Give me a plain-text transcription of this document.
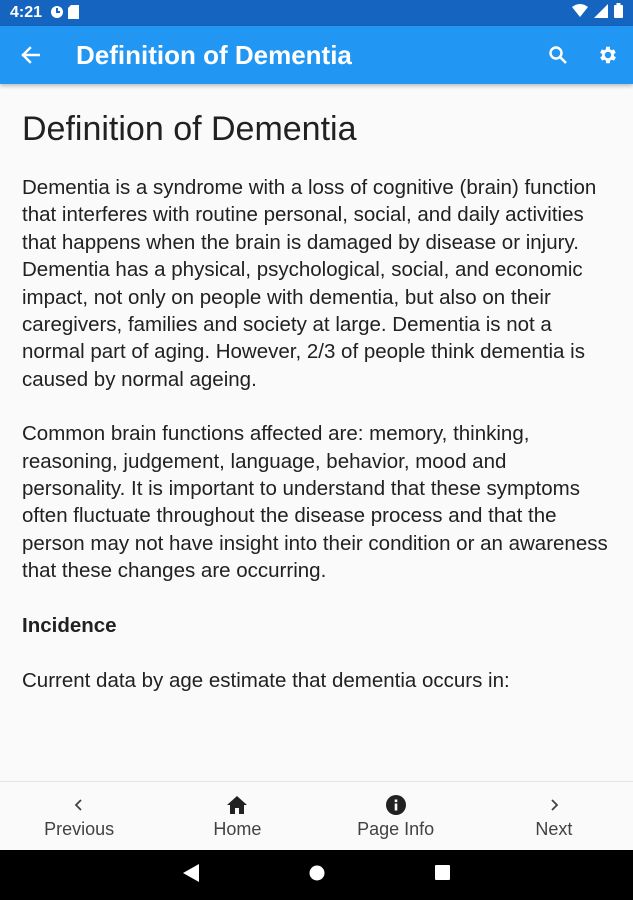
4:21
Definition of Dementia
Definition of Dementia

Dementia is a syndrome with a loss of cognitive (brain) function that interferes with routine personal, social, and daily activities that happens when the brain is damaged by disease or injury. Dementia has a physical, psychological, social, and economic impact, not only on people with dementia, but also on their caregivers, families and society at large. Dementia is not a normal part of aging. However, 2/3 of people think dementia is caused by normal ageing.

Common brain functions affected are: memory, thinking, reasoning, judgement, language, behavior, mood and personality. It is important to understand that these symptoms often fluctuate throughout the disease process and that the person may not have insight into their condition or an awareness that these changes are occurring.

Incidence

Current data by age estimate that dementia occurs in:

Previous	Home	Page Info	Next
